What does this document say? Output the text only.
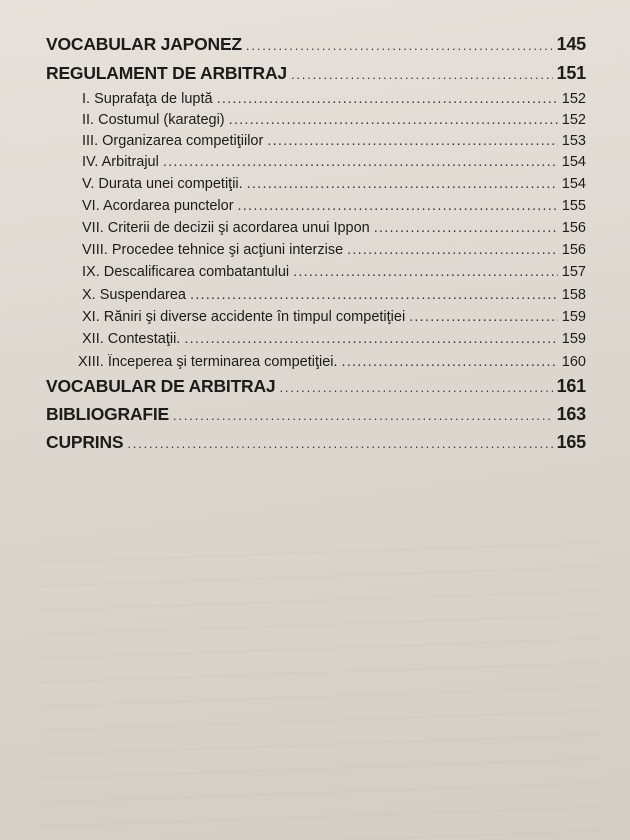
VOCABULAR JAPONEZ . . .	145
REGULAMENT DE ARBITRAJ . . .	151
I. Suprafaţa de luptă . . .	152
II. Costumul (karategi) . . .	152
III. Organizarea competiţiilor . . .	153
IV. Arbitrajul . . .	154
V. Durata unei competiţii. . . .	154
VI. Acordarea punctelor . . .	155
VII. Criterii de decizii şi acordarea unui Ippon . . .	156
VIII. Procedee tehnice şi acţiuni interzise . . .	156
IX. Descalificarea combatantului . . .	157
X. Suspendarea . . .	158
XI. Răniri şi diverse accidente în timpul competiţiei . . .	159
XII. Contestaţii. . . .	159
XIII. Începerea şi terminarea competiţiei. . . .	160
VOCABULAR DE ARBITRAJ . . .	161
BIBLIOGRAFIE . . .	163
CUPRINS . . .	165
